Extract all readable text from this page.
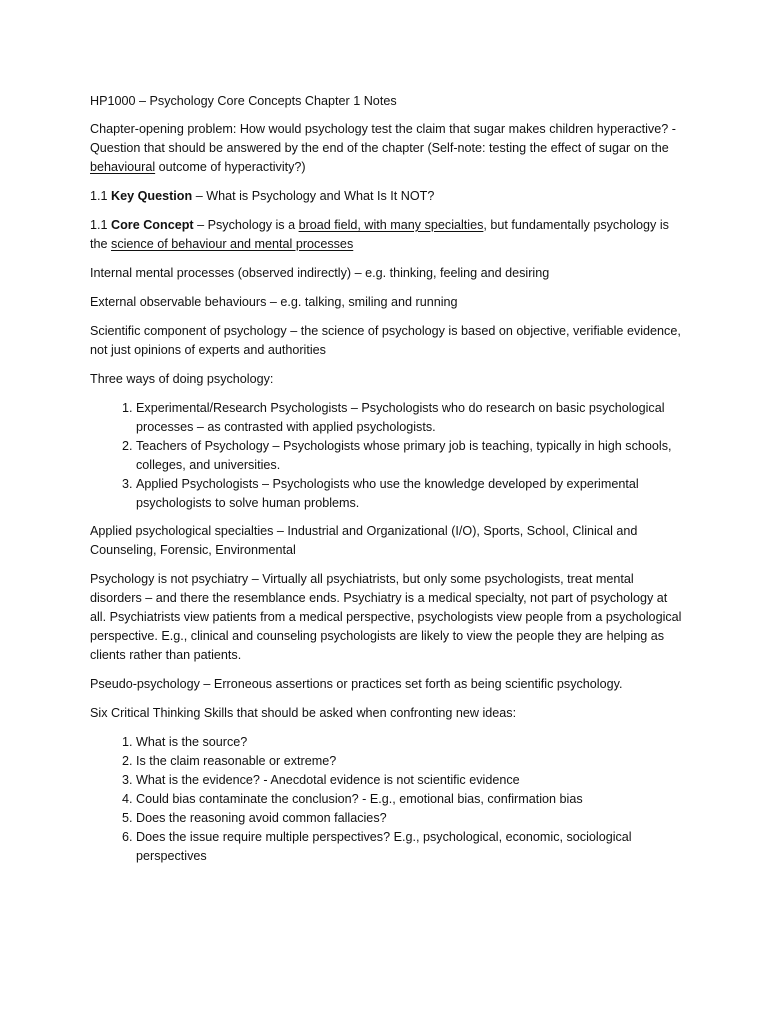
HP1000 – Psychology Core Concepts Chapter 1 Notes

Chapter-opening problem: How would psychology test the claim that sugar makes children hyperactive? - Question that should be answered by the end of the chapter (Self-note: testing the effect of sugar on the behavioural outcome of hyperactivity?)

1.1 Key Question – What is Psychology and What Is It NOT?

1.1 Core Concept – Psychology is a broad field, with many specialties, but fundamentally psychology is the science of behaviour and mental processes

Internal mental processes (observed indirectly) – e.g. thinking, feeling and desiring

External observable behaviours – e.g. talking, smiling and running

Scientific component of psychology – the science of psychology is based on objective, verifiable evidence, not just opinions of experts and authorities

Three ways of doing psychology:

1. Experimental/Research Psychologists – Psychologists who do research on basic psychological processes – as contrasted with applied psychologists.
2. Teachers of Psychology – Psychologists whose primary job is teaching, typically in high schools, colleges, and universities.
3. Applied Psychologists – Psychologists who use the knowledge developed by experimental psychologists to solve human problems.

Applied psychological specialties – Industrial and Organizational (I/O), Sports, School, Clinical and Counseling, Forensic, Environmental

Psychology is not psychiatry – Virtually all psychiatrists, but only some psychologists, treat mental disorders – and there the resemblance ends. Psychiatry is a medical specialty, not part of psychology at all. Psychiatrists view patients from a medical perspective, psychologists view people from a psychological perspective. E.g., clinical and counseling psychologists are likely to view the people they are helping as clients rather than patients.

Pseudo-psychology – Erroneous assertions or practices set forth as being scientific psychology.

Six Critical Thinking Skills that should be asked when confronting new ideas:

1. What is the source?
2. Is the claim reasonable or extreme?
3. What is the evidence? - Anecdotal evidence is not scientific evidence
4. Could bias contaminate the conclusion? - E.g., emotional bias, confirmation bias
5. Does the reasoning avoid common fallacies?
6. Does the issue require multiple perspectives? E.g., psychological, economic, sociological perspectives
